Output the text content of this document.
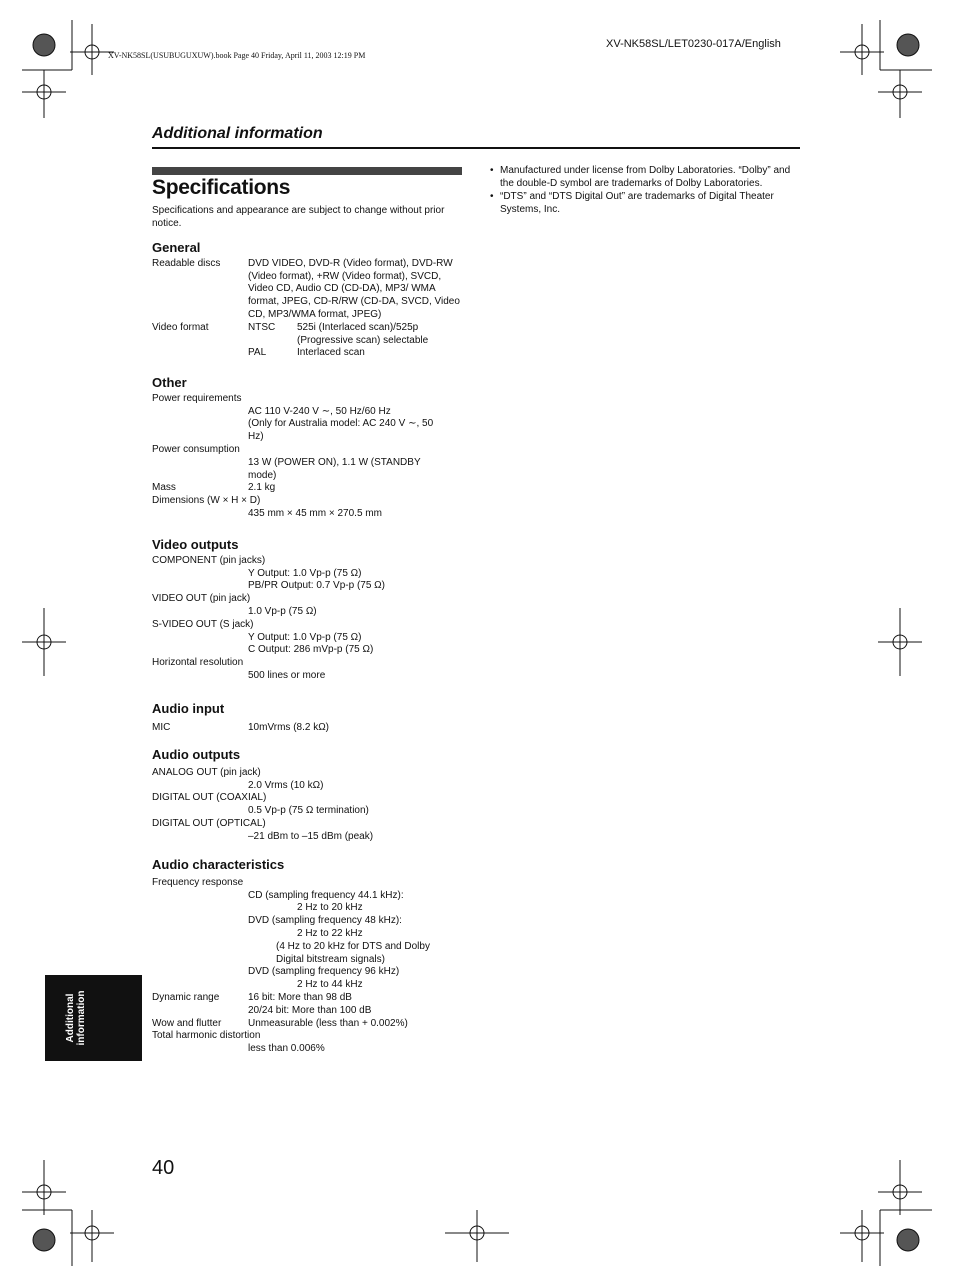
XV-NK58SL/LET0230-017A/English
XV-NK58SL(USUBUGUXUW).book Page 40 Friday, April 11, 2003 12:19 PM
Additional information
Specifications
Specifications and appearance are subject to change without prior notice.
General
Readable discs	DVD VIDEO, DVD-R (Video format), DVD-RW (Video format), +RW (Video format), SVCD, Video CD, Audio CD (CD-DA), MP3/ WMA format, JPEG, CD-R/RW (CD-DA, SVCD, Video CD, MP3/WMA format, JPEG)
Video format	NTSC 525i (Interlaced scan)/525p (Progressive scan) selectable
PAL	Interlaced scan
Other
Power requirements
AC 110 V-240 V ∼, 50 Hz/60 Hz
(Only for Australia model: AC 240 V ∼, 50 Hz)
Power consumption
13 W (POWER ON), 1.1 W (STANDBY mode)
Mass	2.1 kg
Dimensions (W × H × D)
435 mm × 45 mm × 270.5 mm
Video outputs
COMPONENT (pin jacks)
Y Output: 1.0 Vp-p (75 Ω)
PB/PR Output: 0.7 Vp-p (75 Ω)
VIDEO OUT (pin jack)
1.0 Vp-p (75 Ω)
S-VIDEO OUT (S jack)
Y Output: 1.0 Vp-p (75 Ω)
C Output: 286 mVp-p (75 Ω)
Horizontal resolution
500 lines or more
Audio input
MIC	10mVrms (8.2 kΩ)
Audio outputs
ANALOG OUT (pin jack)
2.0 Vrms (10 kΩ)
DIGITAL OUT (COAXIAL)
0.5 Vp-p (75 Ω termination)
DIGITAL OUT (OPTICAL)
–21 dBm to –15 dBm (peak)
Audio characteristics
Frequency response
CD (sampling frequency 44.1 kHz):
2 Hz to 20 kHz
DVD (sampling frequency 48 kHz):
2 Hz to 22 kHz
(4 Hz to 20 kHz for DTS and Dolby Digital bitstream signals)
DVD (sampling frequency 96 kHz)
2 Hz to 44 kHz
Dynamic range	16 bit: More than 98 dB
20/24 bit: More than 100 dB
Wow and flutter	Unmeasurable (less than + 0.002%)
Total harmonic distortion
less than 0.006%
• Manufactured under license from Dolby Laboratories. “Dolby” and the double-D symbol are trademarks of Dolby Laboratories.
• “DTS” and “DTS Digital Out” are trademarks of Digital Theater Systems, Inc.
Additional information
40
